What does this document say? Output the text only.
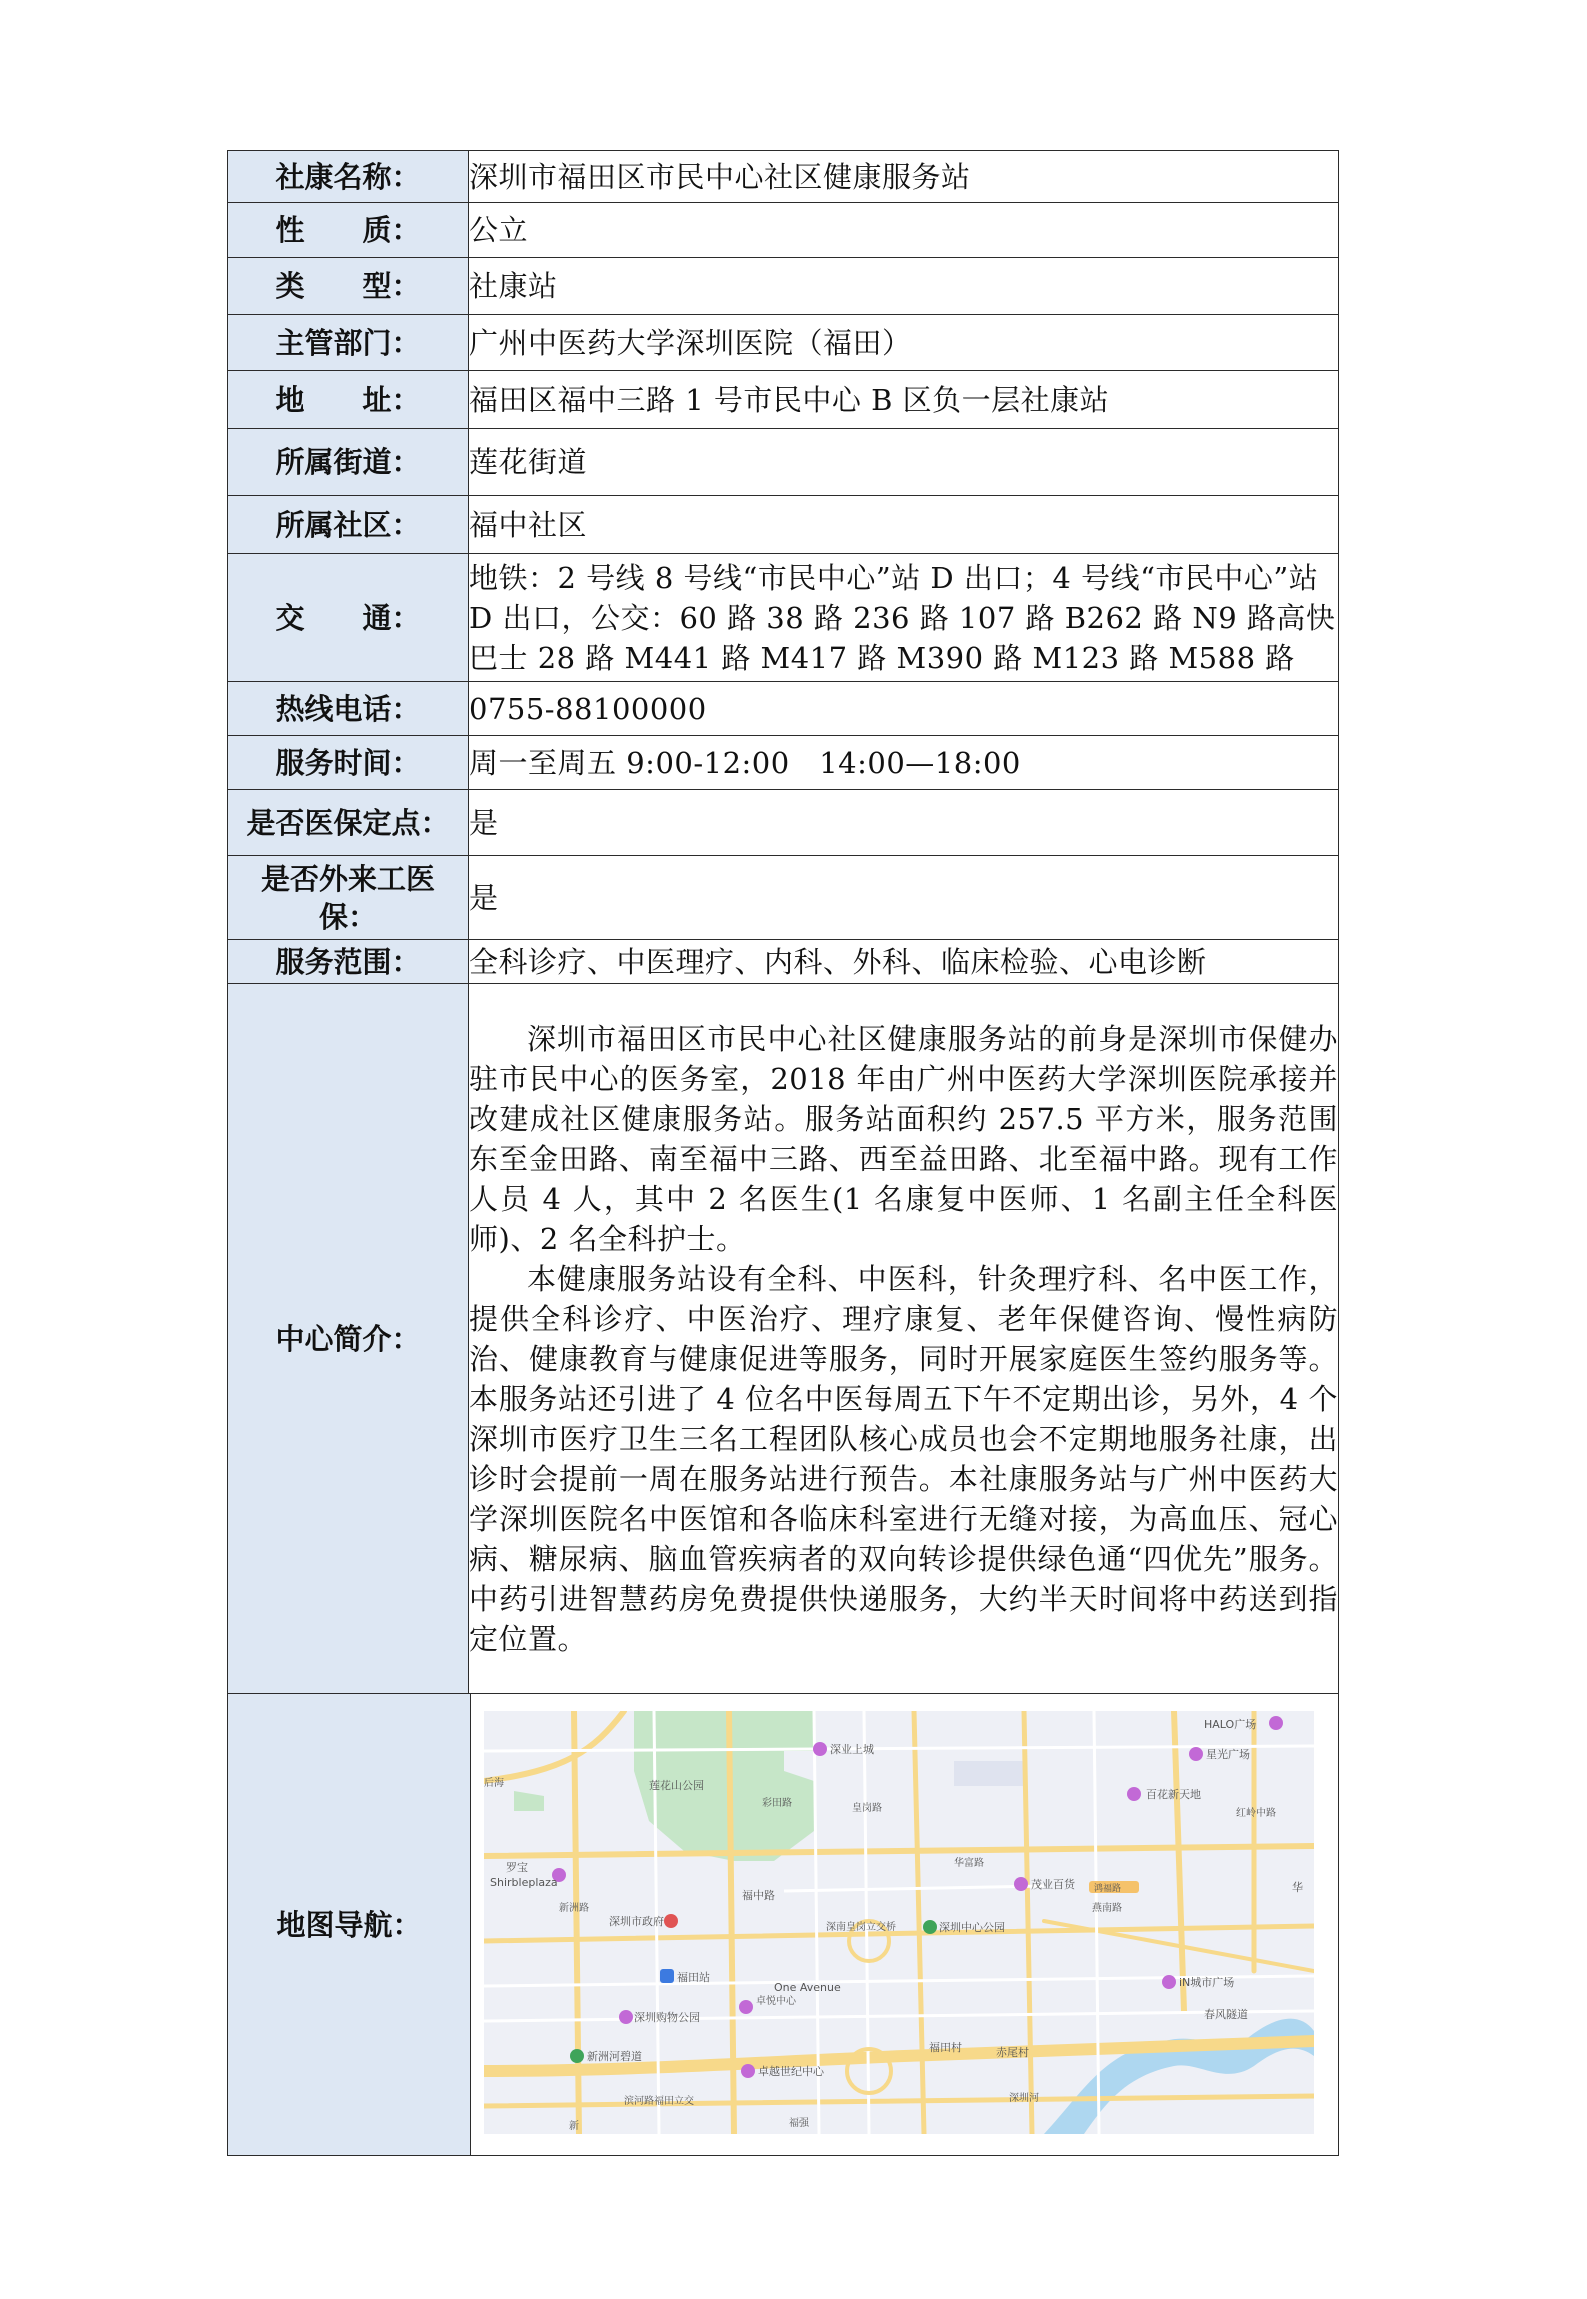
社康名称：	深圳市福田区市民中心社区健康服务站
性　　质：	公立
类　　型：	社康站
主管部门：	广州中医药大学深圳医院（福田）
地　　址：	福田区福中三路 1 号市民中心 B 区负一层社康站
所属街道：	莲花街道
所属社区：	福中社区
交　　通：	地铁：2 号线 8 号线“市民中心”站 D 出口；4 号线“市民中心”站 D 出口，公交：60 路 38 路 236 路 107 路 B262 路 N9 路高快巴士 28 路 M441 路 M417 路 M390 路 M123 路 M588 路
热线电话：	0755-88100000
服务时间：	周一至周五 9:00-12:00　14:00—18:00
是否医保定点：	是
是否外来工医保：	是
服务范围：	全科诊疗、中医理疗、内科、外科、临床检验、心电诊断
中心简介：	深圳市福田区市民中心社区健康服务站的前身是深圳市保健办驻市民中心的医务室，2018 年由广州中医药大学深圳医院承接并改建成社区健康服务站。服务站面积约 257.5 平方米，服务范围东至金田路、南至福中三路、西至益田路、北至福中路。现有工作人员 4 人，其中 2 名医生(1 名康复中医师、1 名副主任全科医师)、2 名全科护士。

本健康服务站设有全科、中医科，针灸理疗科、名中医工作，提供全科诊疗、中医治疗、理疗康复、老年保健咨询、慢性病防治、健康教育与健康促进等服务，同时开展家庭医生签约服务等。本服务站还引进了 4 位名中医每周五下午不定期出诊，另外，4 个深圳市医疗卫生三名工程团队核心成员也会不定期地服务社康，出诊时会提前一周在服务站进行预告。本社康服务站与广州中医药大学深圳医院名中医馆和各临床科室进行无缝对接，为高血压、冠心病、糖尿病、脑血管疾病者的双向转诊提供绿色通“四优先”服务。中药引进智慧药房免费提供快递服务，大约半天时间将中药送到指定位置。

地图导航：	
HALO广场
深业上城	星光广场
百花新天地
莲花山公园
彩田路	皇岗路	红岭中路
华富路
茂业百货	华
Shirbleplaza
罗宝
后海
新洲路
福中路
深圳市政府	深南皇岗立交桥	深圳中心公园
燕南路
鸿福路
iN城市广场
福田站
One Avenue
卓悦中心
深圳购物公园	春风隧道
新洲河碧道
卓越世纪中心
福田村	赤尾村
滨河路福田立交	深圳河
福强
新
